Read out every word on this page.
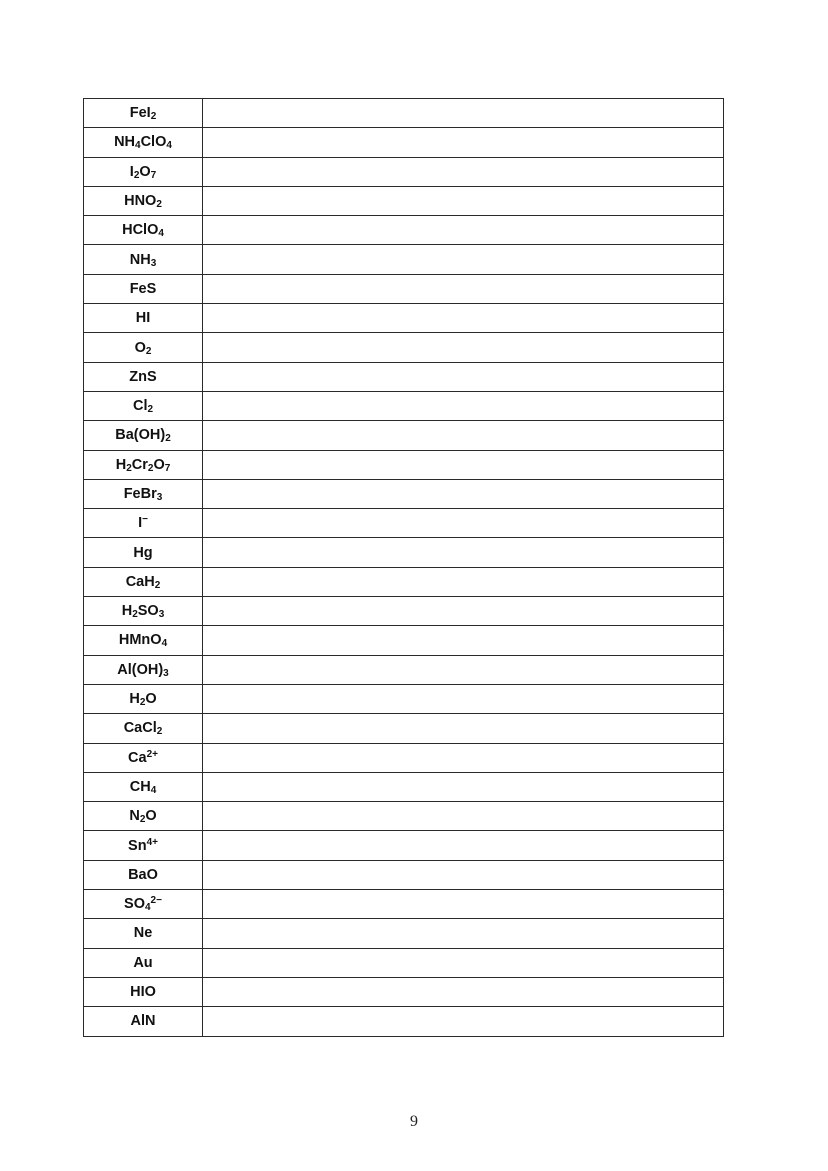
FeI$_2$	
$NH_4ClO_4$	
$I_2O_7$	
$HNO_2$	
HClO$_4$	
$NH_3$	
FeS	
HI	
$O_2$	
ZnS	
$Cl_2$	
$Ba(OH)_2$	
$H_2Cr_2O_7$	
FeBr$_3$	
I−	
Hg	
CaH$_2$	
$H_2SO_3$	
HMnO$_4$	
$Al(OH)_3$	
$H_2O$	
CaCl$_2$	
$Ca^{2+}$	
$CH_4$	
$N_2O$	
$Sn^{4+}$	
BaO	
$SO_4^{2-}$	
Ne	
Au	
HIO	
AlN	
9
